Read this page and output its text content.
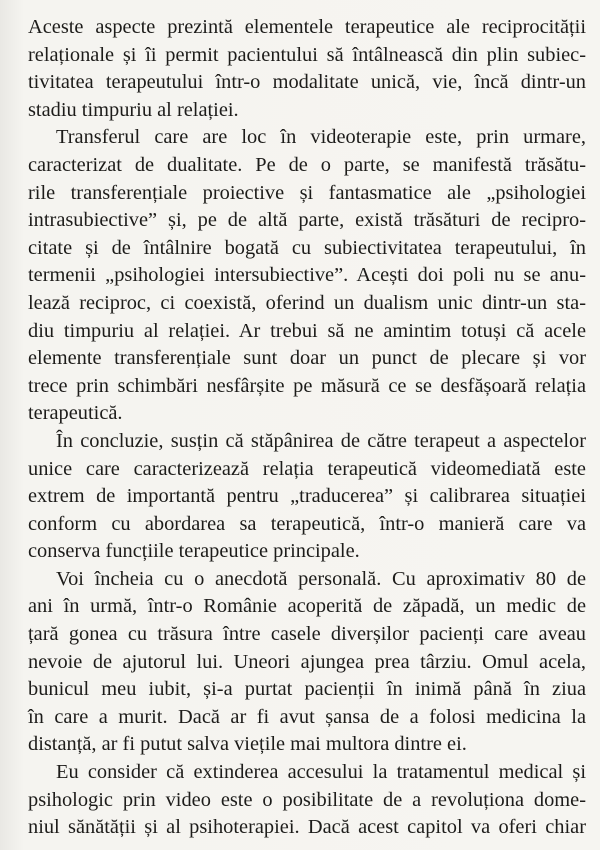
Aceste aspecte prezintă elementele terapeutice ale reciprocității
relaționale și îi permit pacientului să întâlnească din plin subiec-
tivitatea terapeutului într-o modalitate unică, vie, încă dintr-un
stadiu timpuriu al relației.

Transferul care are loc în videoterapie este, prin urmare,
caracterizat de dualitate. Pe de o parte, se manifestă trăsătu-
rile transferențiale proiective și fantasmatice ale „psihologiei
intrasubiective” și, pe de altă parte, există trăsături de recipro-
citate și de întâlnire bogată cu subiectivitatea terapeutului, în
termenii „psihologiei intersubiective”. Acești doi poli nu se anu-
lează reciproc, ci coexistă, oferind un dualism unic dintr-un sta-
diu timpuriu al relației. Ar trebui să ne amintim totuși că acele
elemente transferențiale sunt doar un punct de plecare și vor
trece prin schimbări nesfârșite pe măsură ce se desfășoară relația
terapeutică.

În concluzie, susțin că stăpânirea de către terapeut a aspectelor
unice care caracterizează relația terapeutică videomediată este
extrem de importantă pentru „traducerea” și calibrarea situației
conform cu abordarea sa terapeutică, într-o manieră care va
conserva funcțiile terapeutice principale.

Voi încheia cu o anecdotă personală. Cu aproximativ 80 de
ani în urmă, într-o Românie acoperită de zăpadă, un medic de
țară gonea cu trăsura între casele diverșilor pacienți care aveau
nevoie de ajutorul lui. Uneori ajungea prea târziu. Omul acela,
bunicul meu iubit, și-a purtat pacienții în inimă până în ziua
în care a murit. Dacă ar fi avut șansa de a folosi medicina la
distanță, ar fi putut salva viețile mai multora dintre ei.

Eu consider că extinderea accesului la tratamentul medical și
psihologic prin video este o posibilitate de a revoluționa dome-
niul sănătății și al psihoterapiei. Dacă acest capitol va oferi chiar
